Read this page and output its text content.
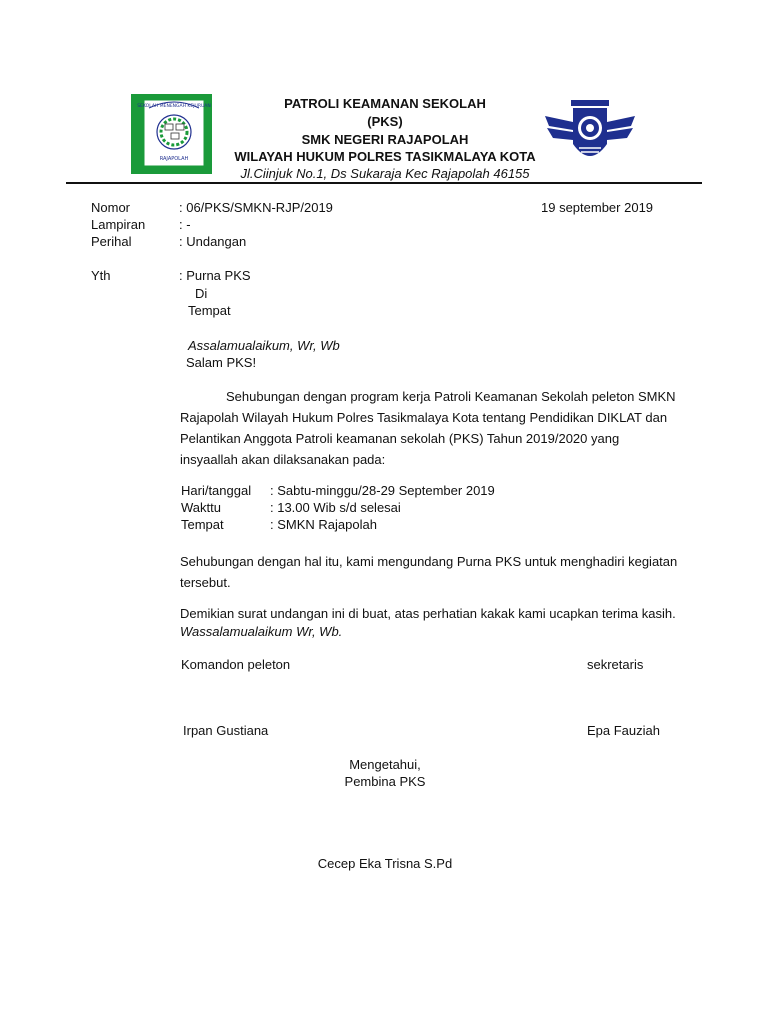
SEKOLAH MENENGAH KEJURUAN
RAJAPOLAH
PATROLI KEAMANAN SEKOLAH
(PKS)
SMK NEGERI RAJAPOLAH
WILAYAH HUKUM POLRES TASIKMALAYA KOTA
Jl.Ciinjuk No.1, Ds Sukaraja Kec Rajapolah 46155
Nomor	: 06/PKS/SMKN-RJP/2019	19 september 2019
Lampiran	: -
Perihal	: Undangan
Yth	: Purna PKS
Di
Tempat
Assalamualaikum, Wr, Wb
Salam PKS!
Sehubungan dengan program kerja Patroli Keamanan Sekolah peleton SMKN Rajapolah Wilayah Hukum Polres Tasikmalaya Kota tentang Pendidikan DIKLAT dan Pelantikan Anggota Patroli keamanan sekolah (PKS) Tahun 2019/2020 yang insyaallah akan dilaksanakan pada:
Hari/tanggal : Sabtu-minggu/28-29 September 2019
Wakttu	: 13.00 Wib s/d selesai
Tempat	: SMKN Rajapolah
Sehubungan dengan hal itu, kami mengundang Purna PKS untuk menghadiri kegiatan tersebut.
Demikian surat undangan ini di buat, atas perhatian kakak kami ucapkan terima kasih.
Wassalamualaikum Wr, Wb.
Komandon peleton	sekretaris
Irpan Gustiana	Epa Fauziah
Mengetahui,
Pembina PKS
Cecep Eka Trisna S.Pd
